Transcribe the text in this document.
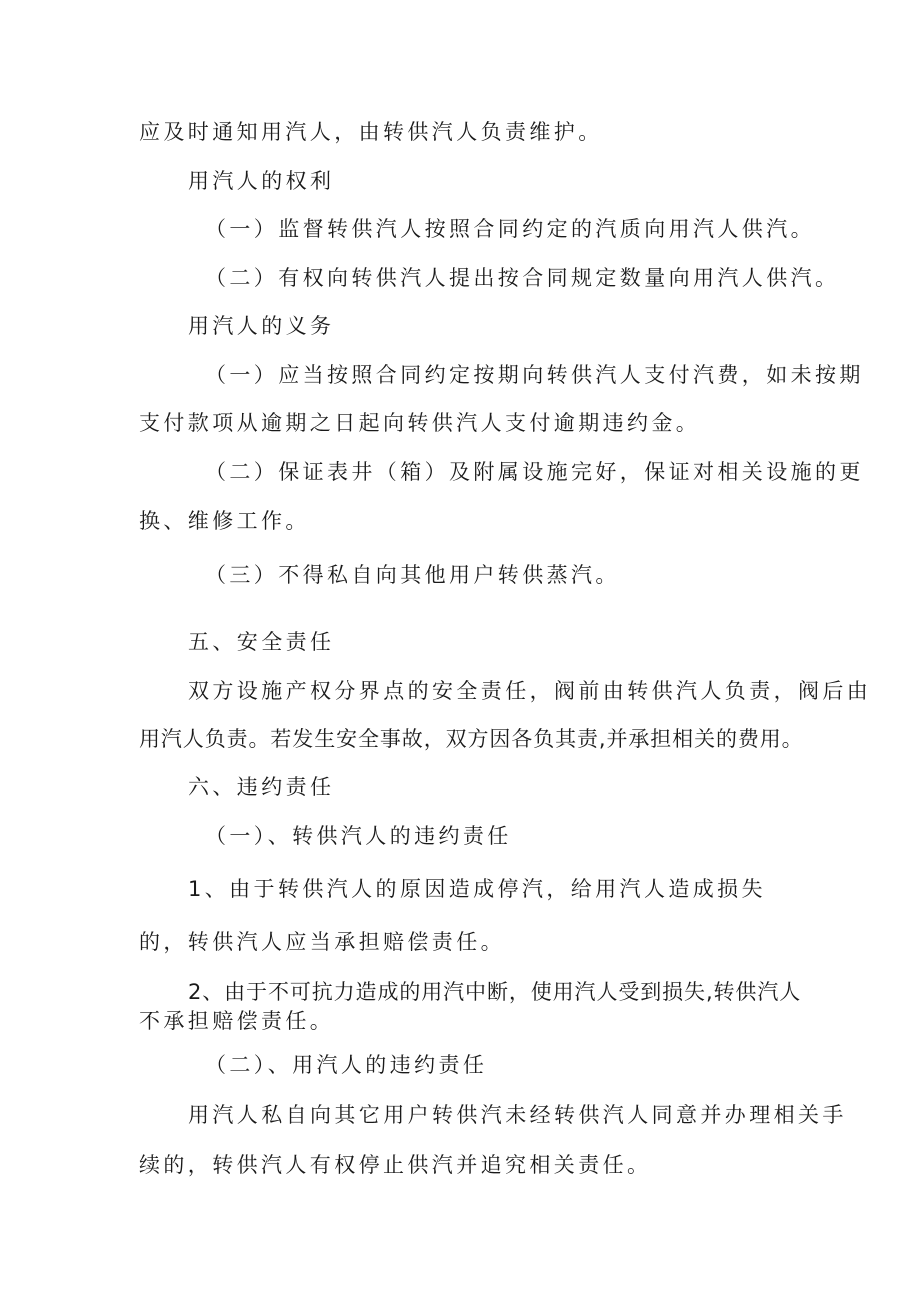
应及时通知用汽人，由转供汽人负责维护。
用汽人的权利
（一）监督转供汽人按照合同约定的汽质向用汽人供汽。
（二）有权向转供汽人提出按合同规定数量向用汽人供汽。
用汽人的义务
（一）应当按照合同约定按期向转供汽人支付汽费，如未按期
支付款项从逾期之日起向转供汽人支付逾期违约金。
（二）保证表井（箱）及附属设施完好，保证对相关设施的更
换、维修工作。
（三）不得私自向其他用户转供蒸汽。
五、安全责任
双方设施产权分界点的安全责任，阀前由转供汽人负责，阀后由
用汽人负责。若发生安全事故，双方因各负其责,并承担相关的费用。
六、违约责任
（一）、转供汽人的违约责任
1、由于转供汽人的原因造成停汽，给用汽人造成损失
的，转供汽人应当承担赔偿责任。
2、由于不可抗力造成的用汽中断，使用汽人受到损失,转供汽人
不承担赔偿责任。
（二）、用汽人的违约责任
用汽人私自向其它用户转供汽未经转供汽人同意并办理相关手
续的，转供汽人有权停止供汽并追究相关责任。
